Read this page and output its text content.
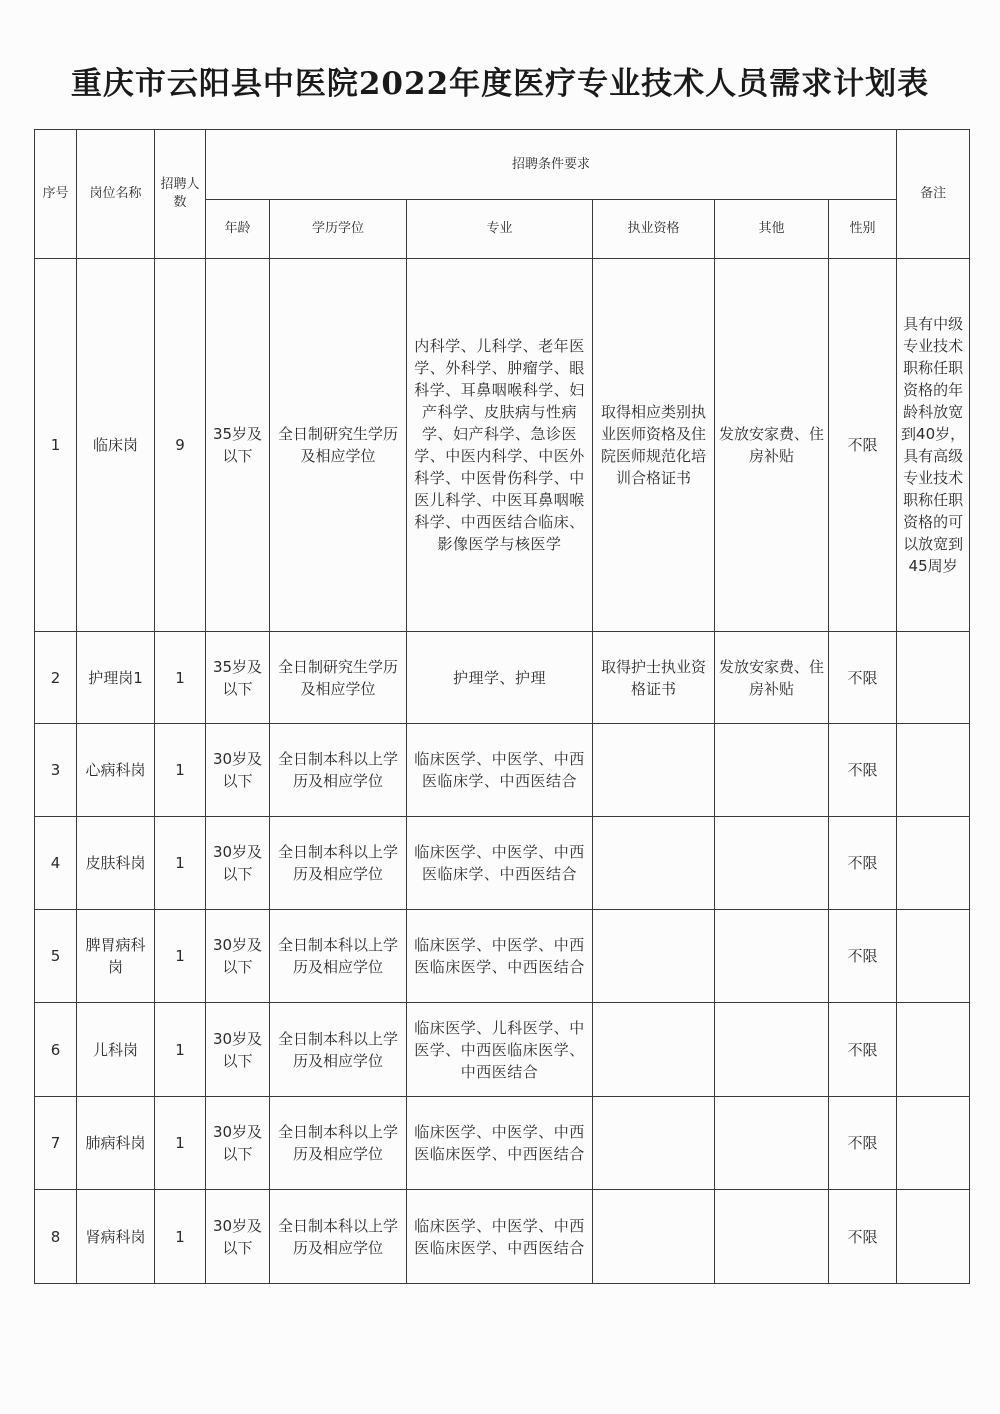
重庆市云阳县中医院2022年度医疗专业技术人员需求计划表
序号	岗位名称	招聘人数	招聘条件要求						备注
			年龄	学历学位	专业	执业资格	其他	性别	
1	临床岗	9	35岁及以下	全日制研究生学历及相应学位	内科学、儿科学、老年医学、外科学、肿瘤学、眼科学、耳鼻咽喉科学、妇产科学、皮肤病与性病学、妇产科学、急诊医学、中医内科学、中医外科学、中医骨伤科学、中医儿科学、中医耳鼻咽喉科学、中西医结合临床、影像医学与核医学	取得相应类别执业医师资格及住院医师规范化培训合格证书	发放安家费、住房补贴	不限	具有中级专业技术职称任职资格的年龄科放宽到40岁，具有高级专业技术职称任职资格的可以放宽到45周岁
2	护理岗1	1	35岁及以下	全日制研究生学历及相应学位	护理学、护理	取得护士执业资格证书	发放安家费、住房补贴	不限	
3	心病科岗	1	30岁及以下	全日制本科以上学历及相应学位	临床医学、中医学、中西医临床学、中西医结合			不限	
4	皮肤科岗	1	30岁及以下	全日制本科以上学历及相应学位	临床医学、中医学、中西医临床学、中西医结合			不限	
5	脾胃病科岗	1	30岁及以下	全日制本科以上学历及相应学位	临床医学、中医学、中西医临床医学、中西医结合			不限	
6	儿科岗	1	30岁及以下	全日制本科以上学历及相应学位	临床医学、儿科医学、中医学、中西医临床医学、中西医结合			不限	
7	肺病科岗	1	30岁及以下	全日制本科以上学历及相应学位	临床医学、中医学、中西医临床医学、中西医结合			不限	
8	肾病科岗	1	30岁及以下	全日制本科以上学历及相应学位	临床医学、中医学、中西医临床医学、中西医结合			不限	
